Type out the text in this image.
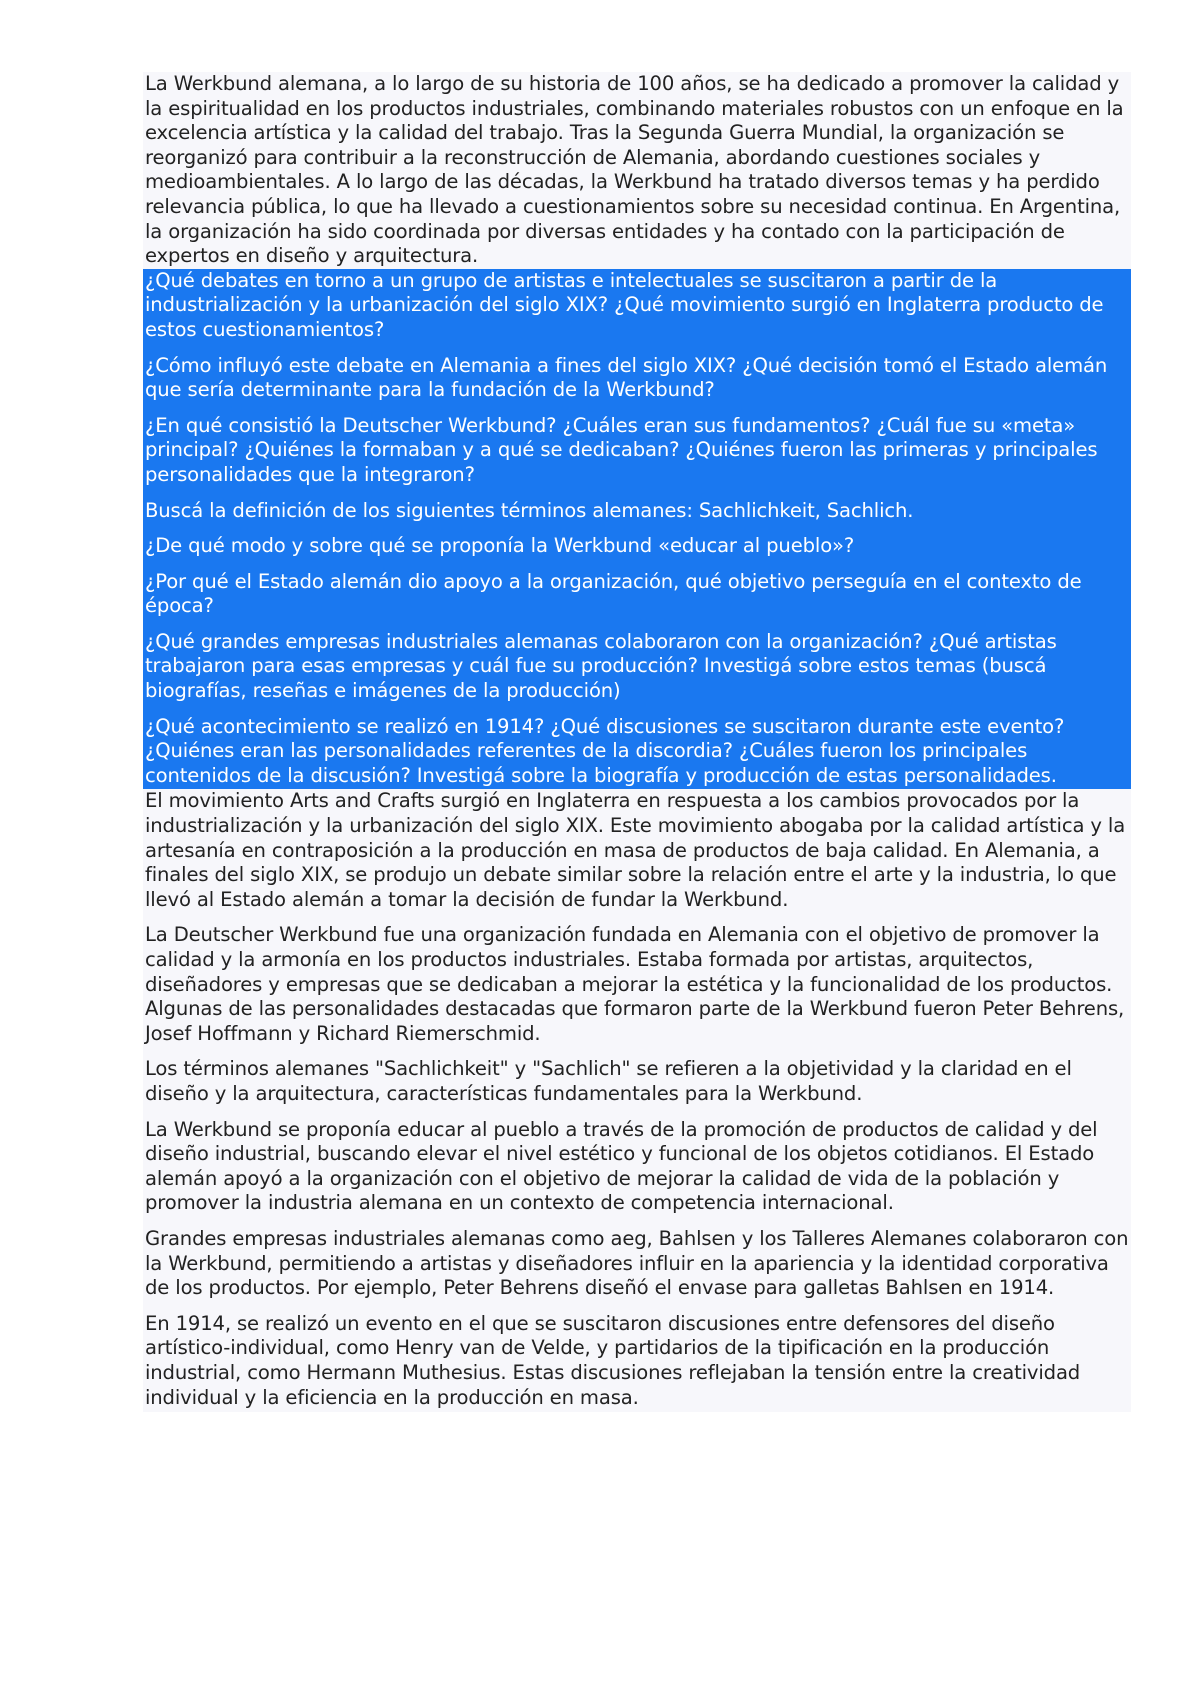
La Werkbund alemana, a lo largo de su historia de 100 años, se ha dedicado a promover la calidad y la espiritualidad en los productos industriales, combinando materiales robustos con un enfoque en la excelencia artística y la calidad del trabajo. Tras la Segunda Guerra Mundial, la organización se reorganizó para contribuir a la reconstrucción de Alemania, abordando cuestiones sociales y medioambientales. A lo largo de las décadas, la Werkbund ha tratado diversos temas y ha perdido relevancia pública, lo que ha llevado a cuestionamientos sobre su necesidad continua. En Argentina, la organización ha sido coordinada por diversas entidades y ha contado con la participación de expertos en diseño y arquitectura.

¿Qué debates en torno a un grupo de artistas e intelectuales se suscitaron a partir de la industrialización y la urbanización del siglo XIX? ¿Qué movimiento surgió en Inglaterra producto de estos cuestionamientos?

¿Cómo influyó este debate en Alemania a fines del siglo XIX? ¿Qué decisión tomó el Estado alemán que sería determinante para la fundación de la Werkbund?

¿En qué consistió la Deutscher Werkbund? ¿Cuáles eran sus fundamentos? ¿Cuál fue su «meta» principal? ¿Quiénes la formaban y a qué se dedicaban? ¿Quiénes fueron las primeras y principales personalidades que la integraron?

Buscá la definición de los siguientes términos alemanes: Sachlichkeit, Sachlich.

¿De qué modo y sobre qué se proponía la Werkbund «educar al pueblo»?

¿Por qué el Estado alemán dio apoyo a la organización, qué objetivo perseguía en el contexto de época?

¿Qué grandes empresas industriales alemanas colaboraron con la organización? ¿Qué artistas trabajaron para esas empresas y cuál fue su producción? Investigá sobre estos temas (buscá biografías, reseñas e imágenes de la producción)

¿Qué acontecimiento se realizó en 1914? ¿Qué discusiones se suscitaron durante este evento? ¿Quiénes eran las personalidades referentes de la discordia? ¿Cuáles fueron los principales contenidos de la discusión? Investigá sobre la biografía y producción de estas personalidades.

El movimiento Arts and Crafts surgió en Inglaterra en respuesta a los cambios provocados por la industrialización y la urbanización del siglo XIX. Este movimiento abogaba por la calidad artística y la artesanía en contraposición a la producción en masa de productos de baja calidad. En Alemania, a finales del siglo XIX, se produjo un debate similar sobre la relación entre el arte y la industria, lo que llevó al Estado alemán a tomar la decisión de fundar la Werkbund.

La Deutscher Werkbund fue una organización fundada en Alemania con el objetivo de promover la calidad y la armonía en los productos industriales. Estaba formada por artistas, arquitectos, diseñadores y empresas que se dedicaban a mejorar la estética y la funcionalidad de los productos. Algunas de las personalidades destacadas que formaron parte de la Werkbund fueron Peter Behrens, Josef Hoffmann y Richard Riemerschmid.

Los términos alemanes "Sachlichkeit" y "Sachlich" se refieren a la objetividad y la claridad en el diseño y la arquitectura, características fundamentales para la Werkbund.

La Werkbund se proponía educar al pueblo a través de la promoción de productos de calidad y del diseño industrial, buscando elevar el nivel estético y funcional de los objetos cotidianos. El Estado alemán apoyó a la organización con el objetivo de mejorar la calidad de vida de la población y promover la industria alemana en un contexto de competencia internacional.

Grandes empresas industriales alemanas como aeg, Bahlsen y los Talleres Alemanes colaboraron con la Werkbund, permitiendo a artistas y diseñadores influir en la apariencia y la identidad corporativa de los productos. Por ejemplo, Peter Behrens diseñó el envase para galletas Bahlsen en 1914.

En 1914, se realizó un evento en el que se suscitaron discusiones entre defensores del diseño artístico-individual, como Henry van de Velde, y partidarios de la tipificación en la producción industrial, como Hermann Muthesius. Estas discusiones reflejaban la tensión entre la creatividad individual y la eficiencia en la producción en masa.
